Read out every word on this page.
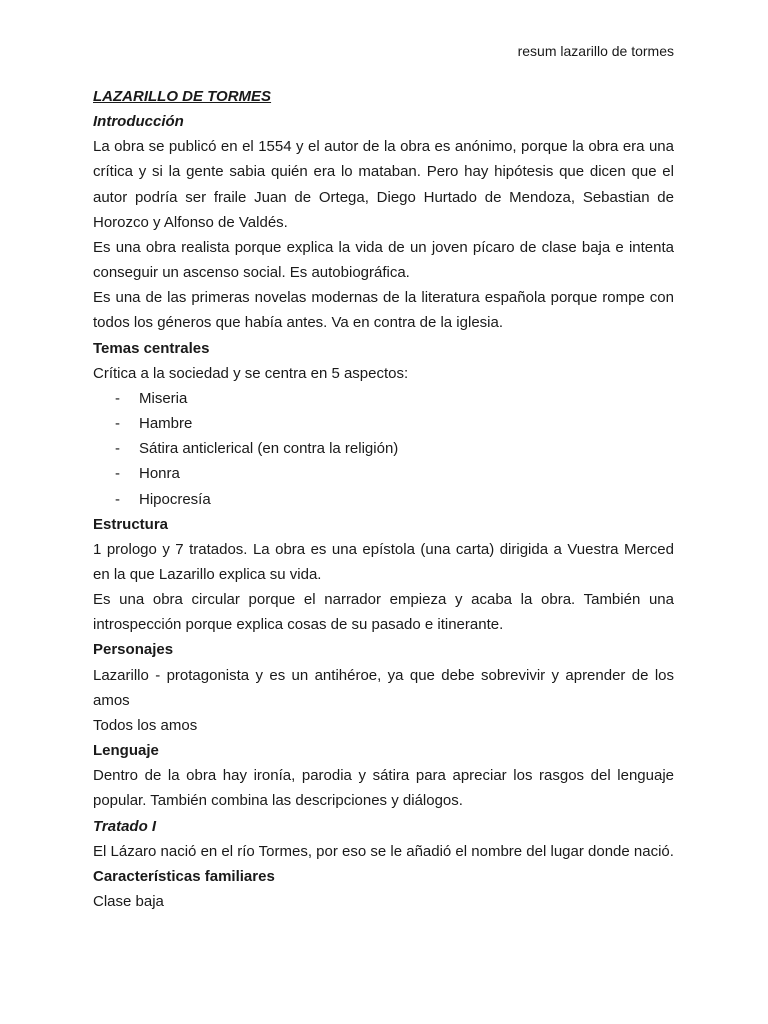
resum lazarillo de tormes
LAZARILLO DE TORMES
Introducción

La obra se publicó en el 1554 y el autor de la obra es anónimo, porque la obra era una crítica y si la gente sabia quién era lo mataban. Pero hay hipótesis que dicen que el autor podría ser fraile Juan de Ortega, Diego Hurtado de Mendoza, Sebastian de Horozco y Alfonso de Valdés.

Es una obra realista porque explica la vida de un joven pícaro de clase baja e intenta conseguir un ascenso social. Es autobiográfica.

Es una de las primeras novelas modernas de la literatura española porque rompe con todos los géneros que había antes. Va en contra de la iglesia.

Temas centrales

Crítica a la sociedad y se centra en 5 aspectos:

- Miseria
- Hambre
- Sátira anticlerical (en contra la religión)
- Honra
- Hipocresía
Estructura

1 prologo y 7 tratados. La obra es una epístola (una carta) dirigida a Vuestra Merced en la que Lazarillo explica su vida.

Es una obra circular porque el narrador empieza y acaba la obra. También una introspección porque explica cosas de su pasado e itinerante.

Personajes

Lazarillo - protagonista y es un antihéroe, ya que debe sobrevivir y aprender de los amos

Todos los amos

Lenguaje

Dentro de la obra hay ironía, parodia y sátira para apreciar los rasgos del lenguaje popular. También combina las descripciones y diálogos.

Tratado I

El Lázaro nació en el río Tormes, por eso se le añadió el nombre del lugar donde nació.

Características familiares

Clase baja
